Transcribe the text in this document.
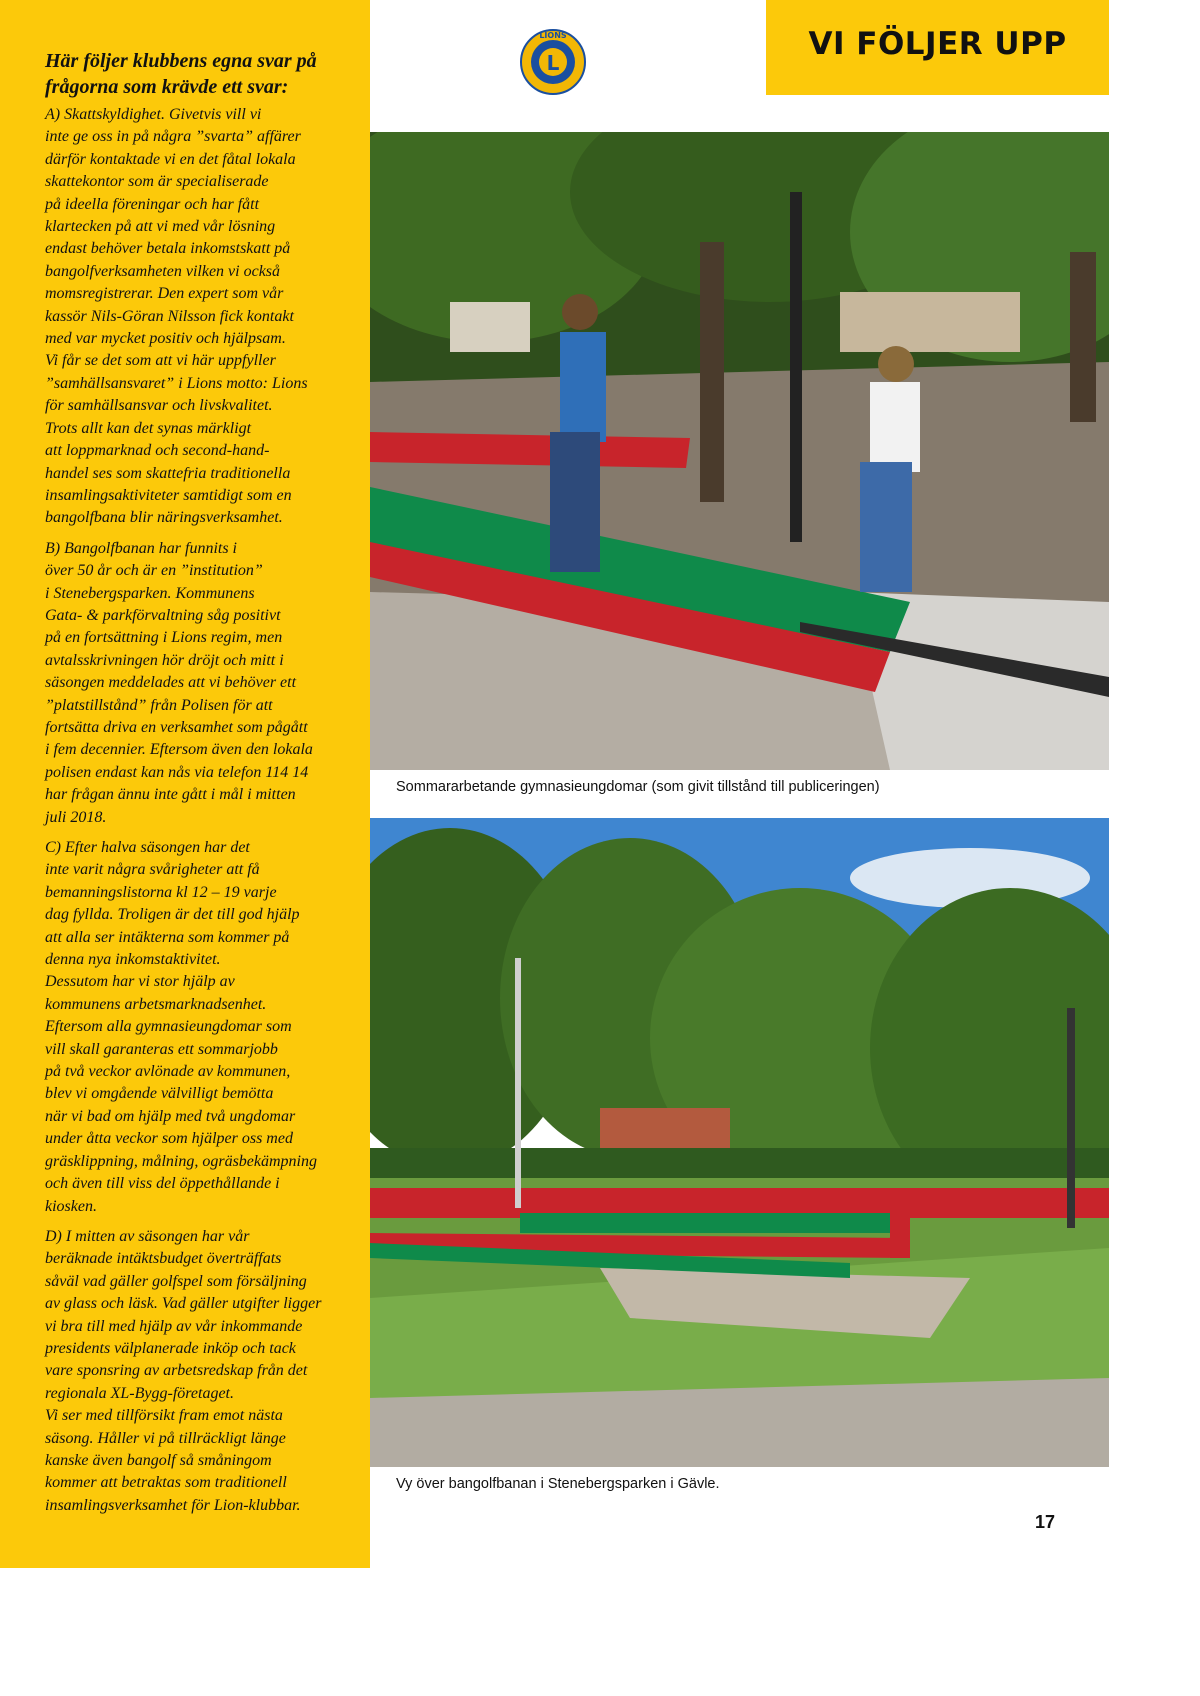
Här följer klubbens egna svar på frågorna som krävde ett svar:

A) Skattskyldighet. Givetvis vill vi
inte ge oss in på några ”svarta” affärer
därför kontaktade vi en det fåtal lokala
skattekontor som är specialiserade
på ideella föreningar och har fått
klartecken på att vi med vår lösning
endast behöver betala inkomstskatt på
bangolfverksamheten vilken vi också
momsregistrerar. Den expert som vår
kassör Nils-Göran Nilsson fick kontakt
med var mycket positiv och hjälpsam.
Vi får se det som att vi här uppfyller
”samhällsansvaret” i Lions motto: Lions
för samhällsansvar och livskvalitet.
Trots allt kan det synas märkligt
att loppmarknad och second-hand-
handel ses som skattefria traditionella
insamlingsaktiviteter samtidigt som en
bangolfbana blir näringsverksamhet.

B) Bangolfbanan har funnits i
över 50 år och är en ”institution”
i Stenebergsparken. Kommunens
Gata- & parkförvaltning såg positivt
på en fortsättning i Lions regim, men
avtalsskrivningen hör dröjt och mitt i
säsongen meddelades att vi behöver ett
”platstillstånd” från Polisen för att
fortsätta driva en verksamhet som pågått
i fem decennier. Eftersom även den lokala
polisen endast kan nås via telefon 114 14
har frågan ännu inte gått i mål i mitten
juli 2018.

C) Efter halva säsongen har det
inte varit några svårigheter att få
bemanningslistorna kl 12 – 19 varje
dag fyllda. Troligen är det till god hjälp
att alla ser intäkterna som kommer på
denna nya inkomstaktivitet.
Dessutom har vi stor hjälp av
kommunens arbetsmarknadsenhet.
Eftersom alla gymnasieungdomar som
vill skall garanteras ett sommarjobb
på två veckor avlönade av kommunen,
blev vi omgående välvilligt bemötta
när vi bad om hjälp med två ungdomar
under åtta veckor som hjälper oss med
gräsklippning, målning, ogräsbekämpning
och även till viss del öppethållande i
kiosken.

D) I mitten av säsongen har vår
beräknade intäktsbudget överträffats
såväl vad gäller golfspel som försäljning
av glass och läsk. Vad gäller utgifter ligger
vi bra till med hjälp av vår inkommande
presidents välplanerade inköp och tack
vare sponsring av arbetsredskap från det
regionala XL-Bygg-företaget.
Vi ser med tillförsikt fram emot nästa
säsong. Håller vi på tillräckligt länge
kanske även bangolf så småningom
kommer att betraktas som traditionell
insamlingsverksamhet för Lion-klubbar.

L
LIONS	VI FÖLJER UPP
Sommararbetande gymnasieungdomar (som givit tillstånd till publiceringen)
Vy över bangolfbanan i Stenebergsparken i Gävle.
17
